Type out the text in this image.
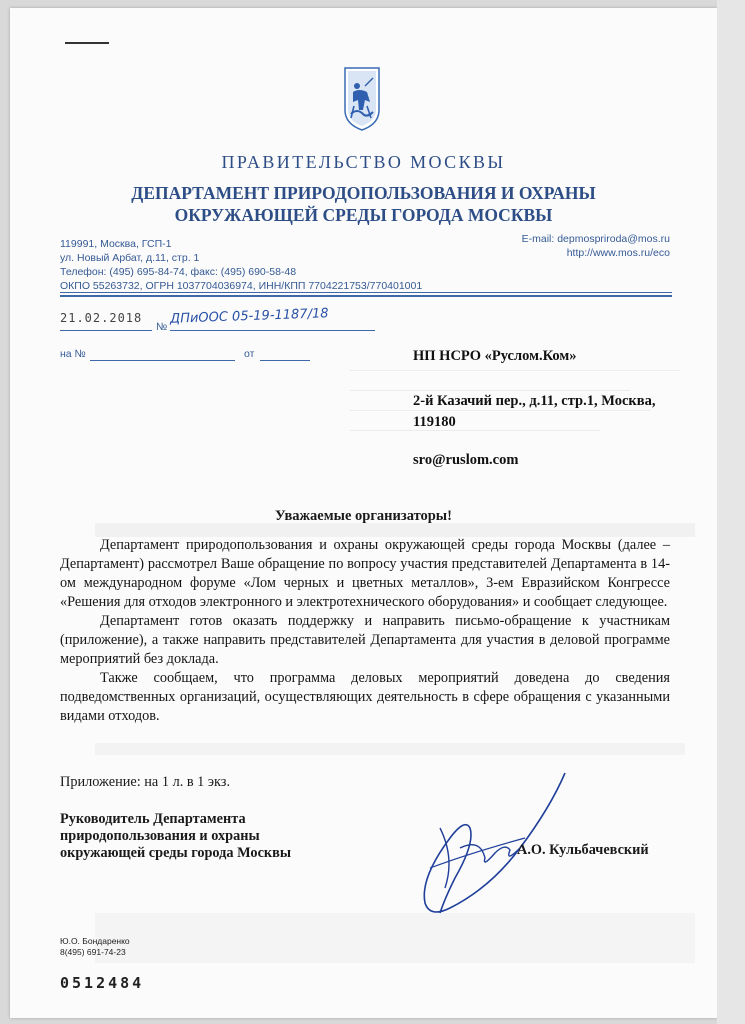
ПРАВИТЕЛЬСТВО МОСКВЫ
ДЕПАРТАМЕНТ ПРИРОДОПОЛЬЗОВАНИЯ И ОХРАНЫ
ОКРУЖАЮЩЕЙ СРЕДЫ ГОРОДА МОСКВЫ
119991, Москва, ГСП-1
ул. Новый Арбат, д.11, стр. 1
Телефон: (495) 695-84-74, факс: (495) 690-58-48
ОКПО 55263732, ОГРН 1037704036974, ИНН/КПП 7704221753/770401001
E-mail: depmospriroda@mos.ru
http://www.mos.ru/eco
21.02.2018
№
ДПиООС 05-19-1187/18
на №	от	НП НСРО «Руслом.Ком»
2-й Казачий пер., д.11, стр.1, Москва,
119180
sro@ruslom.com
Уважаемые организаторы!

Департамент природопользования и охраны окружающей среды города Москвы (далее – Департамент) рассмотрел Ваше обращение по вопросу участия представителей Департамента в 14-ом международном форуме «Лом черных и цветных металлов», 3-ем Евразийском Конгрессе «Решения для отходов электронного и электротехнического оборудования» и сообщает следующее.

Департамент готов оказать поддержку и направить письмо-обращение к участникам (приложение), а также направить представителей Департамента для участия в деловой программе мероприятий без доклада.

Также сообщаем, что программа деловых мероприятий доведена до сведения подведомственных организаций, осуществляющих деятельность в сфере обращения с указанными видами отходов.

Приложение: на 1 л. в 1 экз.
Руководитель Департамента
природопользования и охраны
окружающей среды города Москвы	А.О. Кульбачевский
Ю.О. Бондаренко
8(495) 691-74-23
0512484
